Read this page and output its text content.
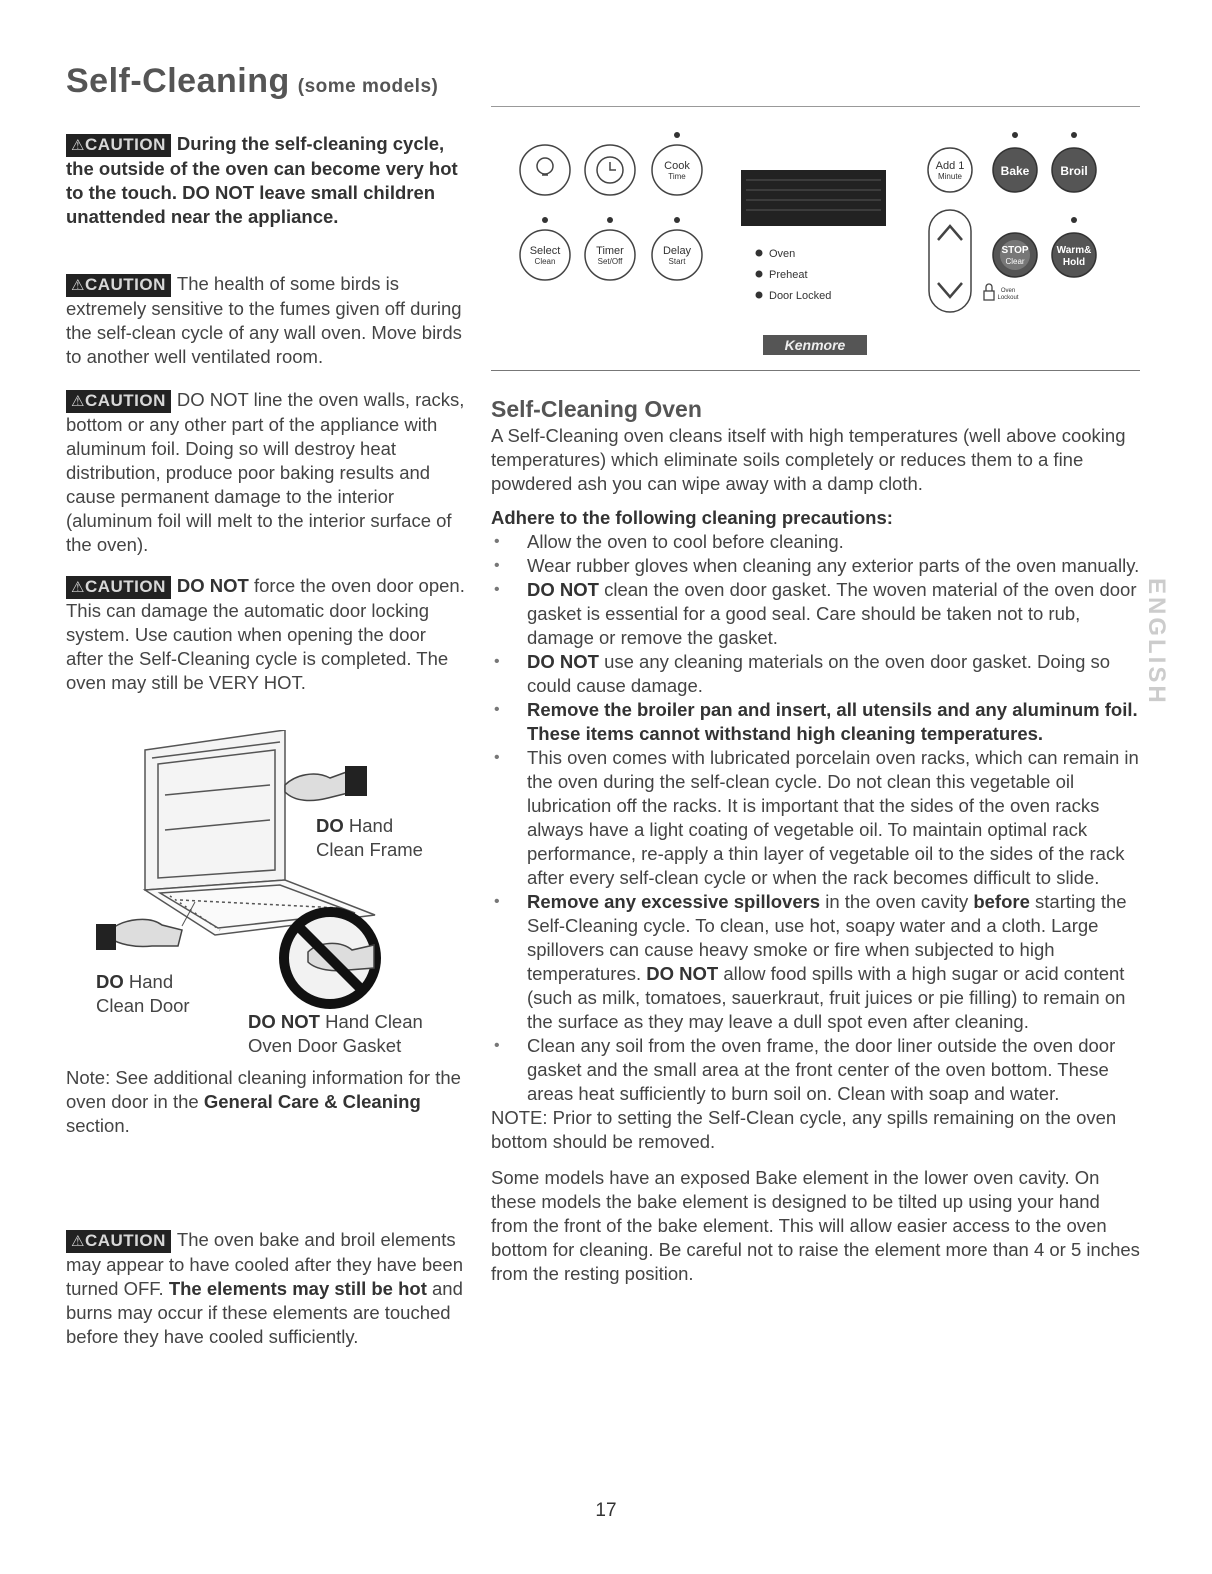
Self-Cleaning (some models)
⚠CAUTION During the self-cleaning cycle, the outside of the oven can become very hot to the touch. DO NOT leave small children unattended near the appliance.
⚠CAUTION The health of some birds is extremely sensitive to the fumes given off during the self-clean cycle of any wall oven. Move birds to another well ventilated room.
⚠CAUTION DO NOT line the oven walls, racks, bottom or any other part of the appliance with aluminum foil. Doing so will destroy heat distribution, produce poor baking results and cause permanent damage to the interior (aluminum foil will melt to the interior surface of the oven).
⚠CAUTION DO NOT force the oven door open. This can damage the automatic door locking system. Use caution when opening the door after the Self-Cleaning cycle is completed. The oven may still be VERY HOT.
DO Hand
Clean Frame
DO Hand
Clean Door
DO NOT Hand Clean
Oven Door Gasket
Note: See additional cleaning information for the oven door in the General Care & Cleaning section.
⚠CAUTION The oven bake and broil elements may appear to have cooled after they have been turned OFF. The elements may still be hot and burns may occur if these elements are touched before they have cooled sufficiently.
Cook
Time
Select
Clean
Timer
Set/Off
Delay
Start
Oven
Preheat
Door Locked
Add 1
Minute	Bake	Broil
STOP
Clear
Warm&
Hold
Oven
Lockout
Kenmore
Self-Cleaning Oven
A Self-Cleaning oven cleans itself with high temperatures (well above cooking temperatures) which eliminate soils completely or reduces them to a fine powdered ash you can wipe away with a damp cloth.
Adhere to the following cleaning precautions:
• Allow the oven to cool before cleaning.
• Wear rubber gloves when cleaning any exterior parts of the oven manually.
• DO NOT clean the oven door gasket. The woven material of the oven door gasket is essential for a good seal. Care should be taken not to rub, damage or remove the gasket.
• DO NOT use any cleaning materials on the oven door gasket. Doing so could cause damage.
• Remove the broiler pan and insert, all utensils and any aluminum foil. These items cannot withstand high cleaning temperatures.
• This oven comes with lubricated porcelain oven racks, which can remain in the oven during the self-clean cycle. Do not clean this vegetable oil lubrication off the racks. It is important that the sides of the oven racks always have a light coating of vegetable oil. To maintain optimal rack performance, re-apply a thin layer of vegetable oil to the sides of the rack after every self-clean cycle or when the rack becomes difficult to slide.
• Remove any excessive spillovers in the oven cavity before starting the Self-Cleaning cycle. To clean, use hot, soapy water and a cloth. Large spillovers can cause heavy smoke or fire when subjected to high temperatures. DO NOT allow food spills with a high sugar or acid content (such as milk, tomatoes, sauerkraut, fruit juices or pie filling) to remain on the surface as they may leave a dull spot even after cleaning.
• Clean any soil from the oven frame, the door liner outside the oven door gasket and the small area at the front center of the oven bottom. These areas heat sufficiently to burn soil on. Clean with soap and water.
NOTE: Prior to setting the Self-Clean cycle, any spills remaining on the oven bottom should be removed.
Some models have an exposed Bake element in the lower oven cavity. On these models the bake element is designed to be tilted up using your hand from the front of the bake element. This will allow easier access to the oven bottom for cleaning. Be careful not to raise the element more than 4 or 5 inches from the resting position.
ENGLISH
17
